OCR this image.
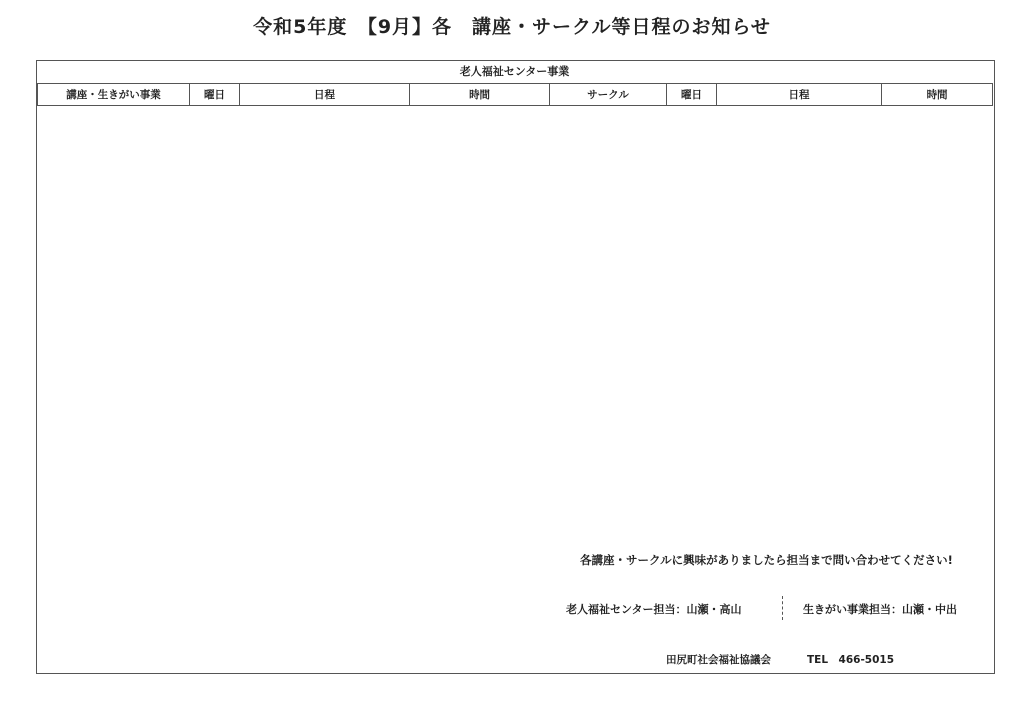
令和5年度　【9月】各　講座・サークル等日程のお知らせ
老人福祉センター事業
講座・生きがい事業	曜日	日程	時間	サークル	曜日	日程	時間
各講座・サークルに興味がありましたら担当まで問い合わせてください!
老人福祉センター担当：山瀬・高山	生きがい事業担当：山瀬・中出
田尻町社会福祉協議会	TEL　466-5015
